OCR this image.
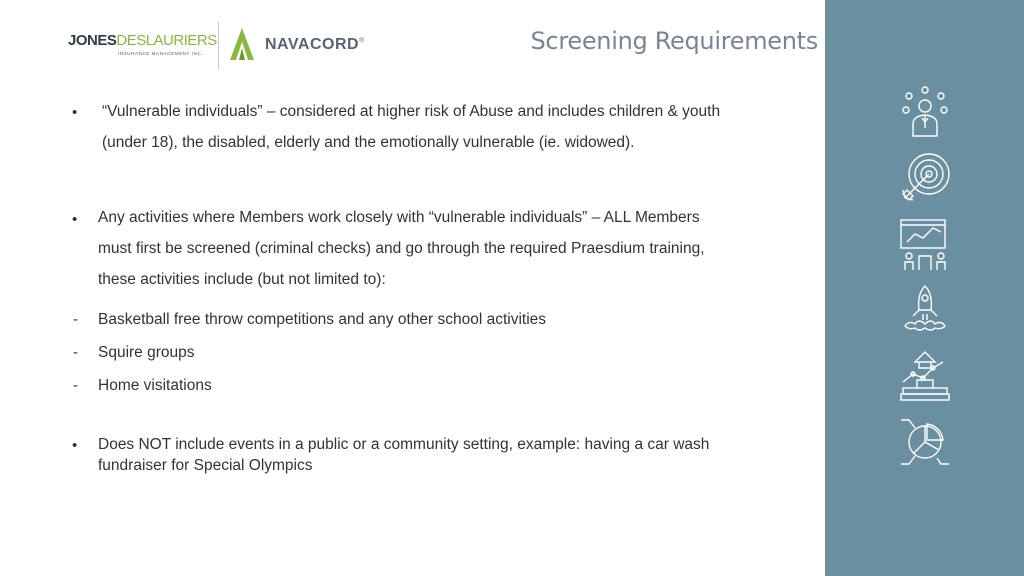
JONESDESLAURIERS
INSURANCE MANAGEMENT INC.
NAVACORD®	Screening Requirements
• “Vulnerable individuals” – considered at higher risk of Abuse and includes children & youth
(under 18), the disabled, elderly and the emotionally vulnerable (ie. widowed).
• Any activities where Members work closely with “vulnerable individuals” – ALL Members
must first be screened (criminal checks) and go through the required Praesdium training,
these activities include (but not limited to):
- Basketball free throw competitions and any other school activities
- Squire groups
- Home visitations
• Does NOT include events in a public or a community setting, example: having a car wash
fundraiser for Special Olympics
